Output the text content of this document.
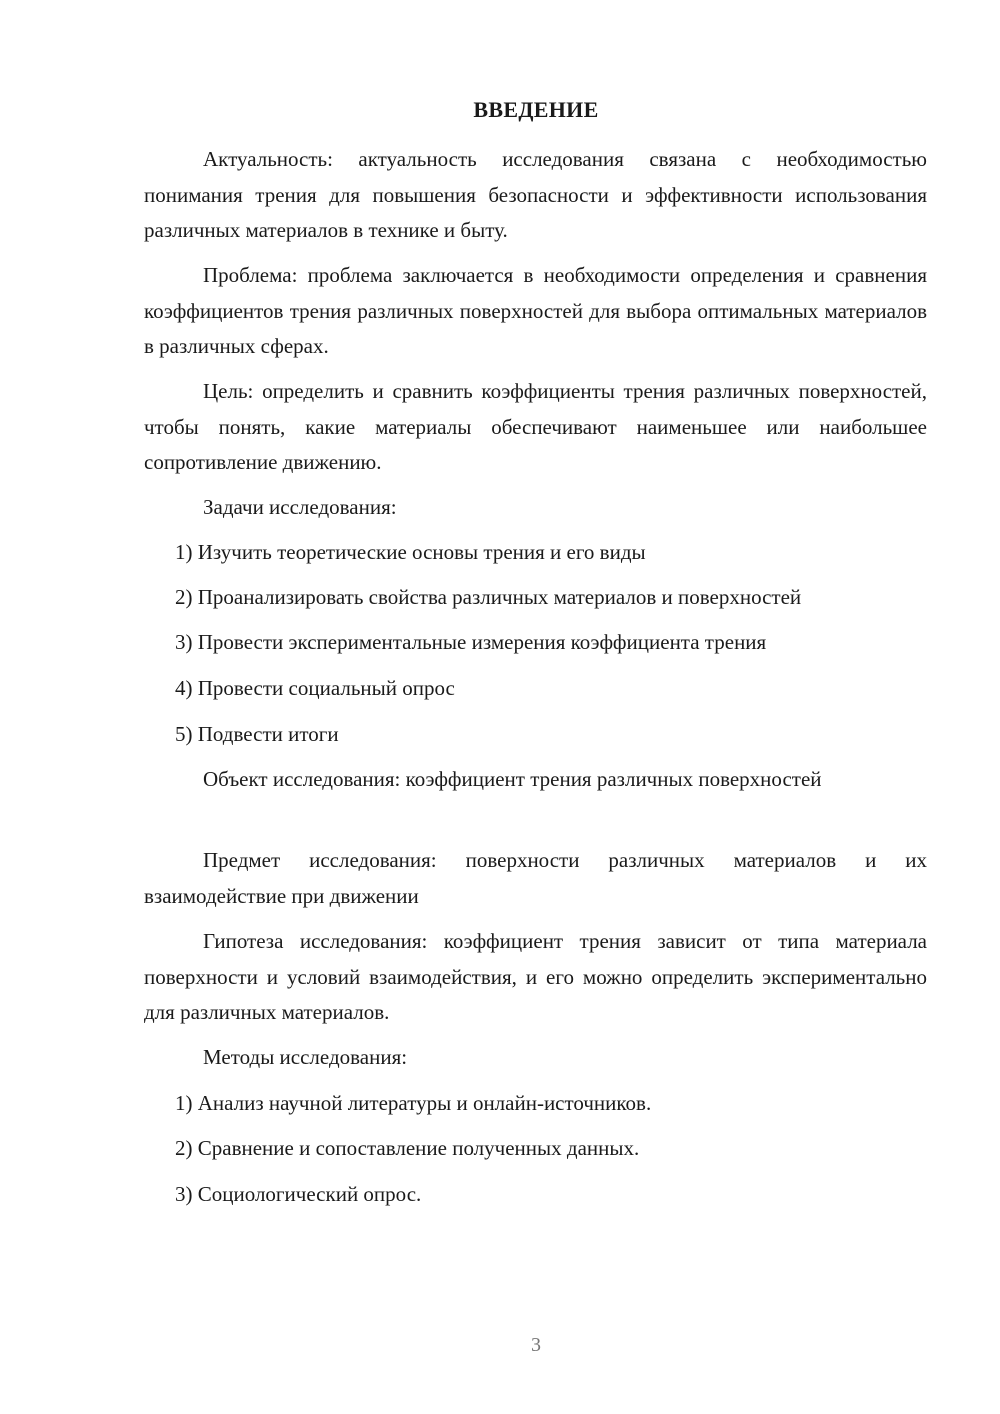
ВВЕДЕНИЕ

Актуальность: актуальность исследования связана с необходимостью понимания трения для повышения безопасности и эффективности использования различных материалов в технике и быту.

Проблема: проблема заключается в необходимости определения и сравнения коэффициентов трения различных поверхностей для выбора оптимальных материалов в различных сферах.

Цель: определить и сравнить коэффициенты трения различных поверхностей, чтобы понять, какие материалы обеспечивают наименьшее или наибольшее сопротивление движению.

Задачи исследования:
1) Изучить теоретические основы трения и его виды
2) Проанализировать свойства различных материалов и поверхностей
3) Провести экспериментальные измерения коэффициента трения
4) Провести социальный опрос
5) Подвести итоги

Объект исследования: коэффициент трения различных поверхностей

Предмет исследования: поверхности различных материалов и их взаимодействие при движении

Гипотеза исследования: коэффициент трения зависит от типа материала поверхности и условий взаимодействия, и его можно определить экспериментально для различных материалов.

Методы исследования:
1) Анализ научной литературы и онлайн-источников.
2) Сравнение и сопоставление полученных данных.
3) Социологический опрос.
3
